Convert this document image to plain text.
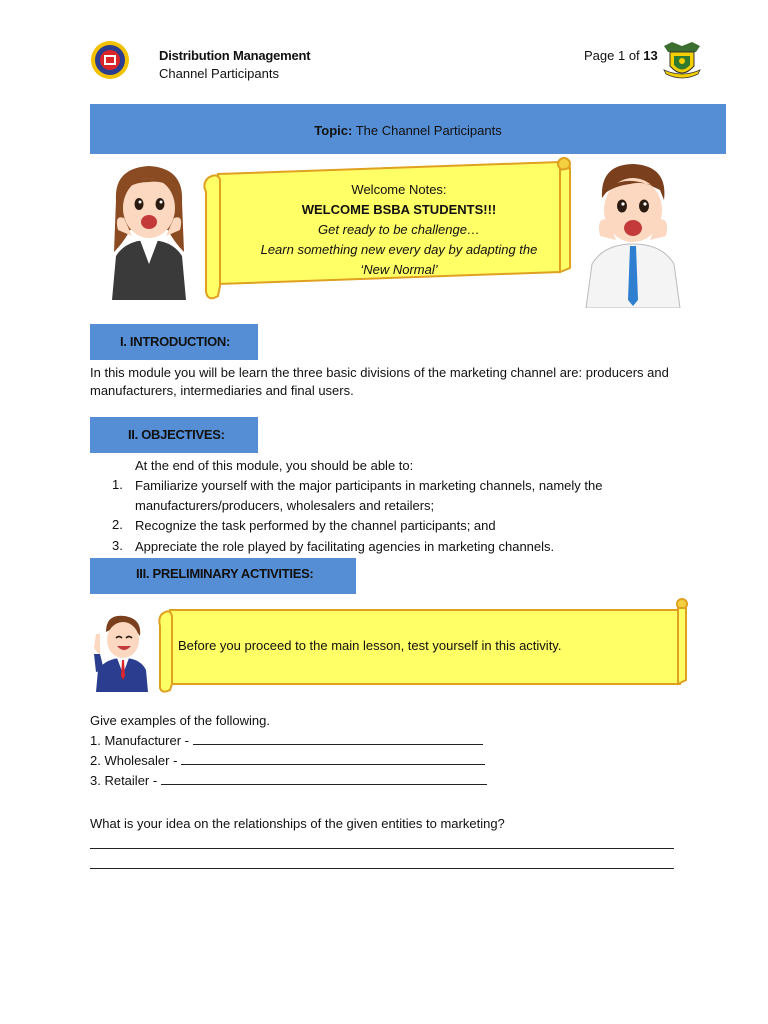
Distribution Management
Channel Participants
Page 1 of 13
Topic: The Channel Participants
Welcome Notes:
WELCOME BSBA STUDENTS!!!
Get ready to be challenge…
Learn something new every day by adapting the
‘New Normal’
I. INTRODUCTION:
In this module you will be learn the three basic divisions of the marketing channel are: producers and manufacturers, intermediaries and final users.
II. OBJECTIVES:
At the end of this module, you should be able to:
1. Familiarize yourself with the major participants in marketing channels, namely the manufacturers/producers, wholesalers and retailers;
2. Recognize the task performed by the channel participants; and
3. Appreciate the role played by facilitating agencies in marketing channels.
III. PRELIMINARY ACTIVITIES:
Before you proceed to the main lesson, test yourself in this activity.
Give examples of the following.
1. Manufacturer -
2. Wholesaler -
3. Retailer -
What is your idea on the relationships of the given entities to marketing?
